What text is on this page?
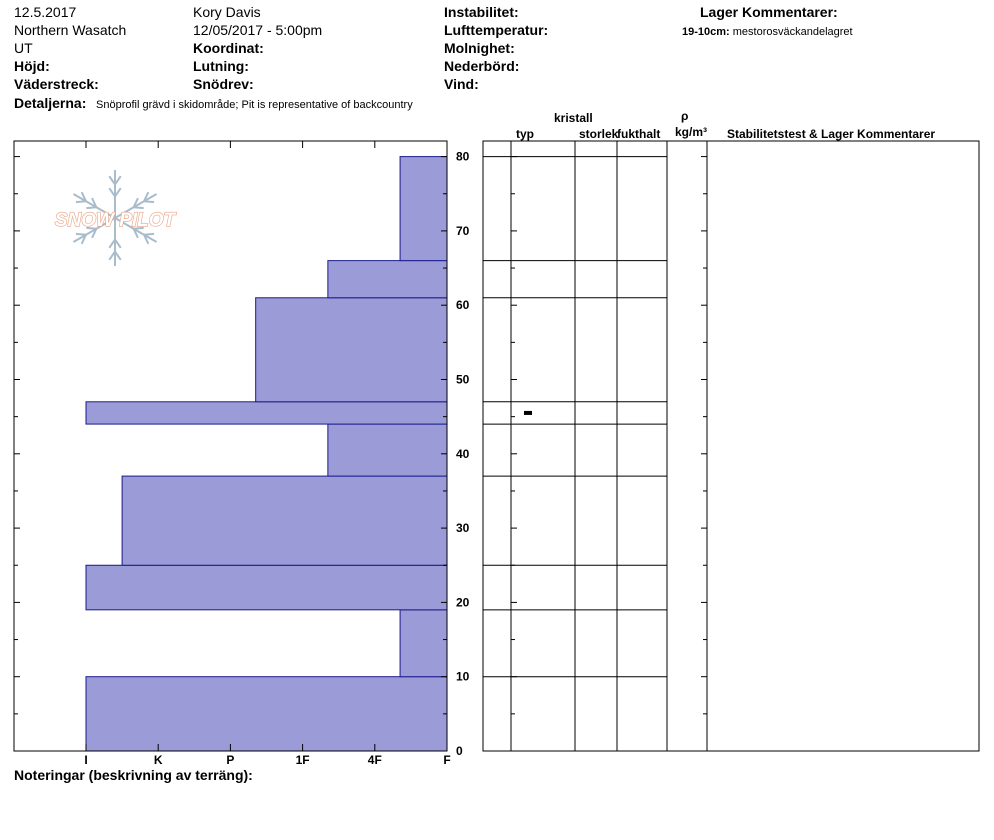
12.5.2017	Kory Davis	Instabilitet:	Lager Kommentarer:
Northern Wasatch	12/05/2017 - 5:00pm	Lufttemperatur:	19-10cm: mestorosväckandelagret
UT	Koordinat:	Molnighet:
Höjd:	Lutning:	Nederbörd:
Väderstreck:	Snödrev:	Vind:
Detaljerna: Snöprofil grävd i skidområde; Pit is representative of backcountry
kristall
typ	storlek
fukthalt
ρ
kg/m³ Stabilitetstest & Lager Kommentarer
Noteringar (beskrivning av terräng):
SNOW PILOT
0
10
20
30
40
50
60
70
80
I	K	P	1F	4F	F
